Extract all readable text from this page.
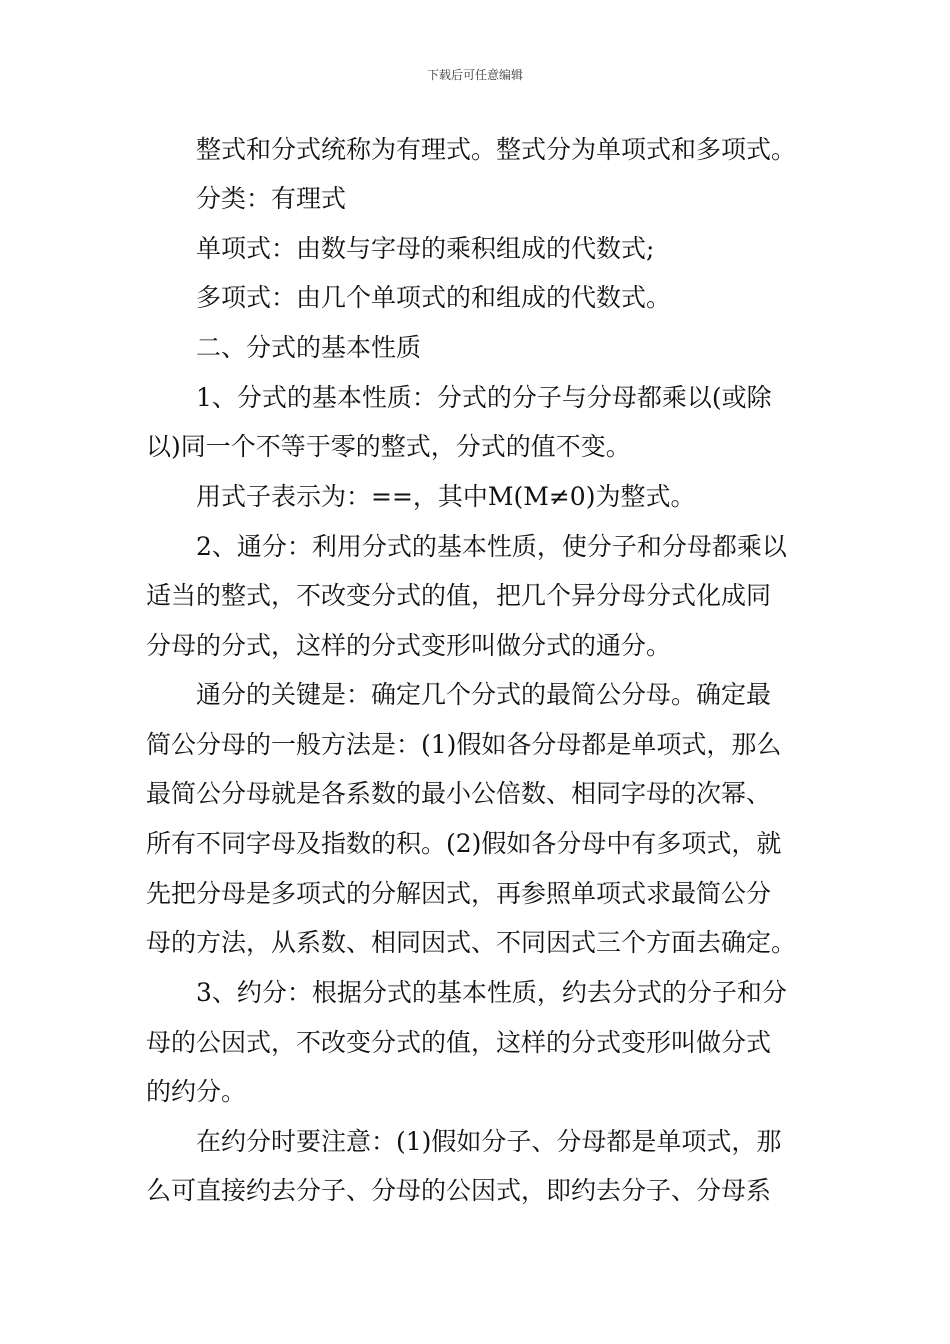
下载后可任意编辑
整式和分式统称为有理式。整式分为单项式和多项式。
分类：有理式
单项式：由数与字母的乘积组成的代数式;
多项式：由几个单项式的和组成的代数式。
二、分式的基本性质
1、分式的基本性质：分式的分子与分母都乘以(或除
以)同一个不等于零的整式，分式的值不变。
用式子表示为：==，其中M(M≠0)为整式。
2、通分：利用分式的基本性质，使分子和分母都乘以
适当的整式，不改变分式的值，把几个异分母分式化成同
分母的分式，这样的分式变形叫做分式的通分。
通分的关键是：确定几个分式的最简公分母。确定最
简公分母的一般方法是：(1)假如各分母都是单项式，那么
最简公分母就是各系数的最小公倍数、相同字母的次幂、
所有不同字母及指数的积。(2)假如各分母中有多项式，就
先把分母是多项式的分解因式，再参照单项式求最简公分
母的方法，从系数、相同因式、不同因式三个方面去确定。
3、约分：根据分式的基本性质，约去分式的分子和分
母的公因式，不改变分式的值，这样的分式变形叫做分式
的约分。
在约分时要注意：(1)假如分子、分母都是单项式，那
么可直接约去分子、分母的公因式，即约去分子、分母系
